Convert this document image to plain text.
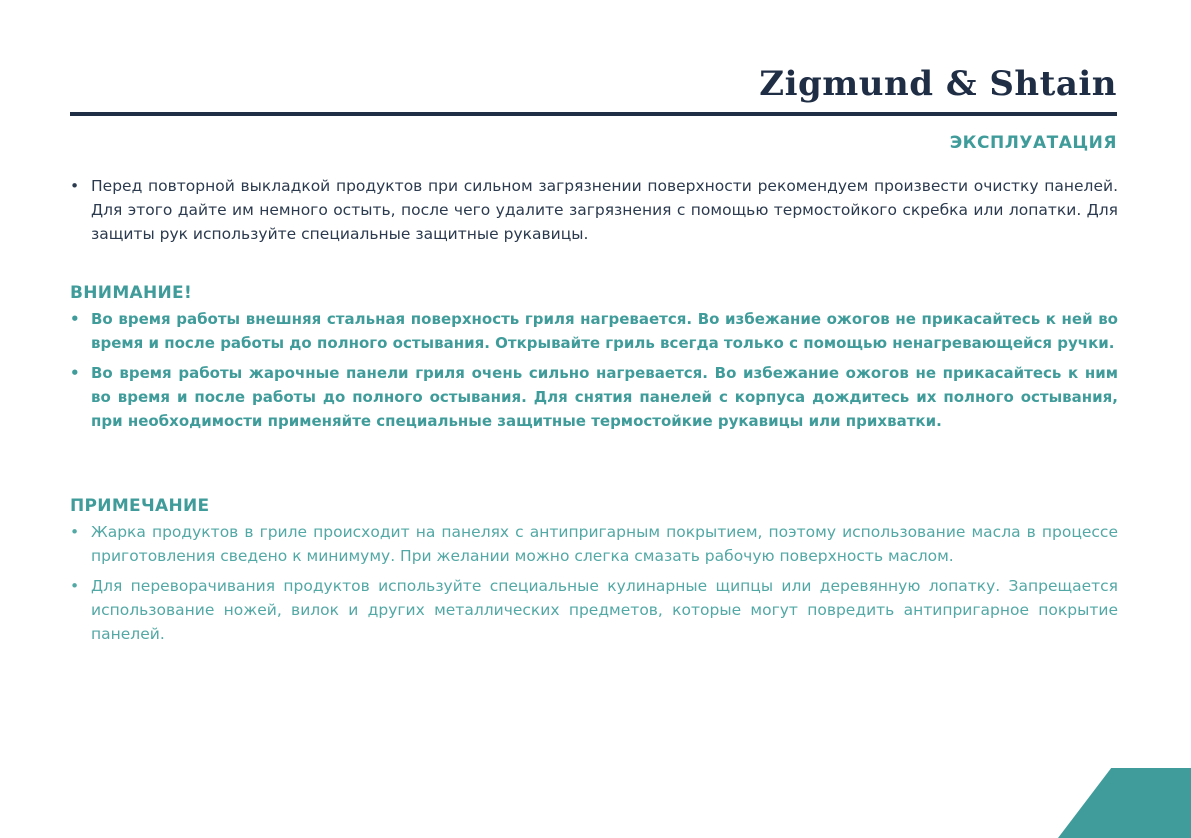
Zigmund & Shtain
ЭКСПЛУАТАЦИЯ
• Перед повторной выкладкой продуктов при сильном загрязнении поверхности рекомендуем произвести очистку панелей. Для этого дайте им немного остыть, после чего удалите загрязнения с помощью термостойкого скребка или лопатки. Для защиты рук используйте специальные защитные рукавицы.
ВНИМАНИЕ!
• Во время работы внешняя стальная поверхность гриля нагревается. Во избежание ожогов не прикасайтесь к ней во время и после работы до полного остывания. Открывайте гриль всегда только с помощью ненагревающейся ручки.
• Во время работы жарочные панели гриля очень сильно нагревается. Во избежание ожогов не прикасайтесь к ним во время и после работы до полного остывания. Для снятия панелей с корпуса дождитесь их полного остывания, при необходимости применяйте специальные защитные термостойкие рукавицы или прихватки.
ПРИМЕЧАНИЕ
• Жарка продуктов в гриле происходит на панелях с антипригарным покрытием, поэтому использование масла в процессе приготовления сведено к минимуму. При желании можно слегка смазать рабочую поверхность маслом.
• Для переворачивания продуктов используйте специальные кулинарные щипцы или деревянную лопатку. Запрещается использование ножей, вилок и других металлических предметов, которые могут повредить антипригарное покрытие панелей.
